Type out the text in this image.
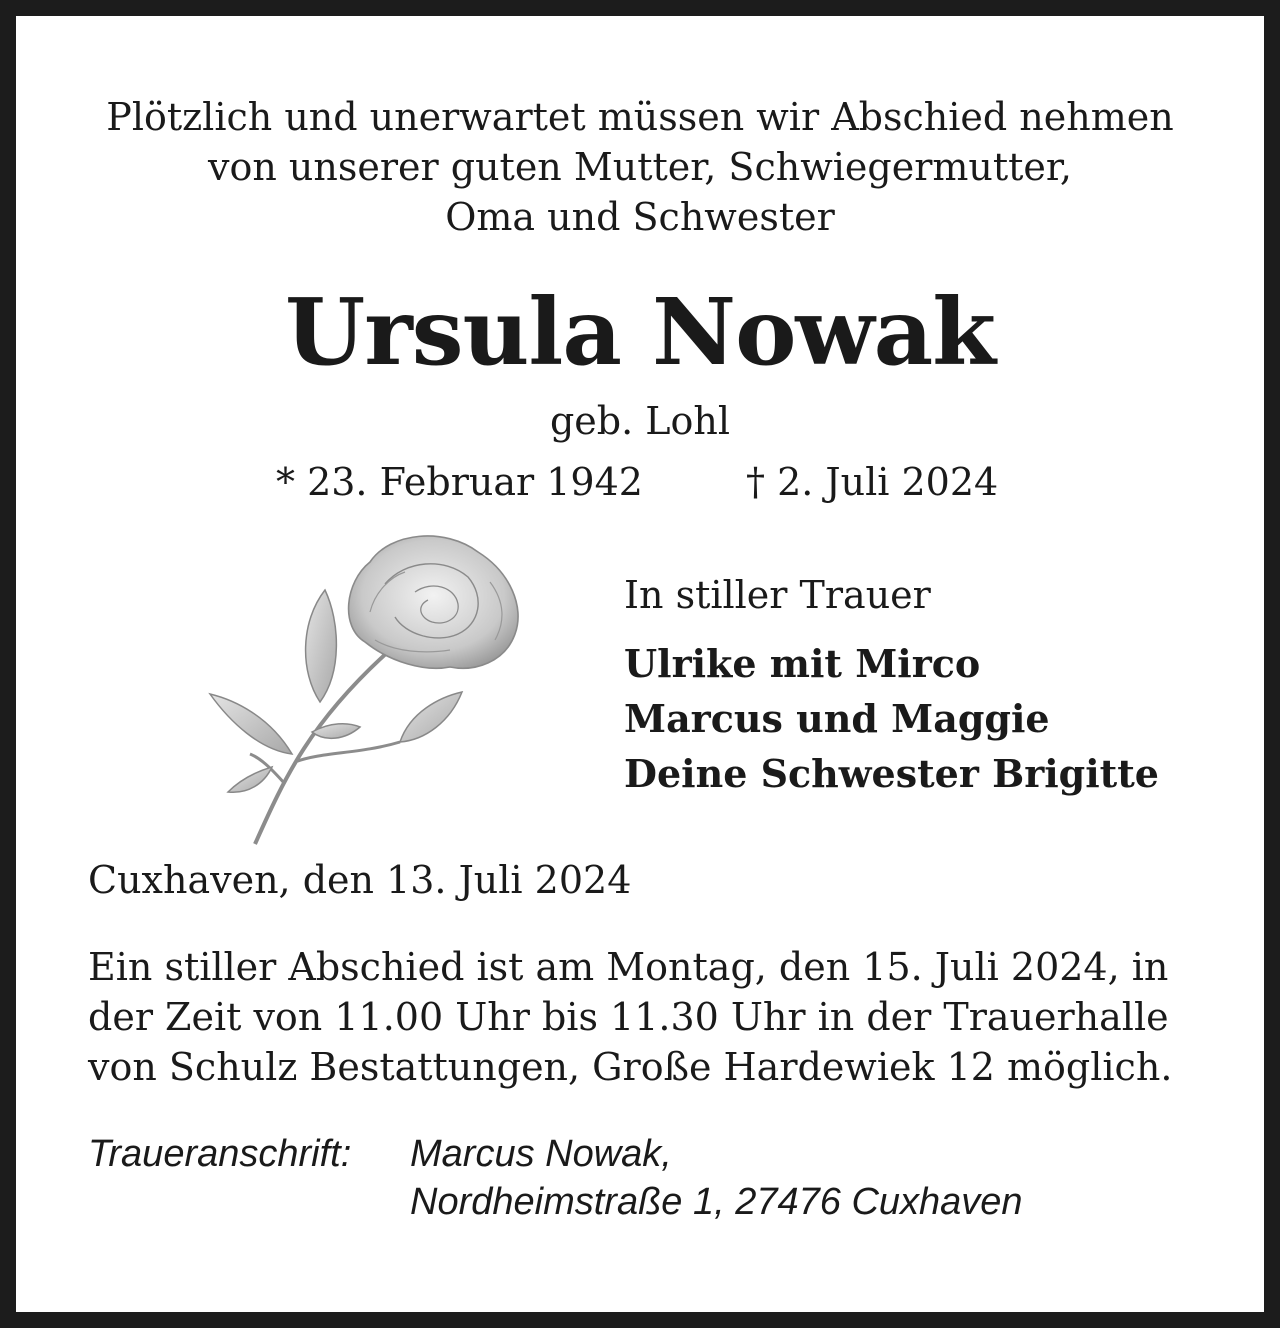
Plötzlich und unerwartet müssen wir Abschied nehmen
von unserer guten Mutter, Schwiegermutter,
Oma und Schwester
Ursula Nowak
geb. Lohl
* 23. Februar 1942	† 2. Juli 2024
In stiller Trauer
Ulrike mit Mirco
Marcus und Maggie
Deine Schwester Brigitte
Cuxhaven, den 13. Juli 2024
Ein stiller Abschied ist am Montag, den 15. Juli 2024, in
der Zeit von 11.00 Uhr bis 11.30 Uhr in der Trauerhalle
von Schulz Bestattungen, Große Hardewiek 12 möglich.
Traueranschrift: Marcus Nowak,
Nordheimstraße 1, 27476 Cuxhaven
